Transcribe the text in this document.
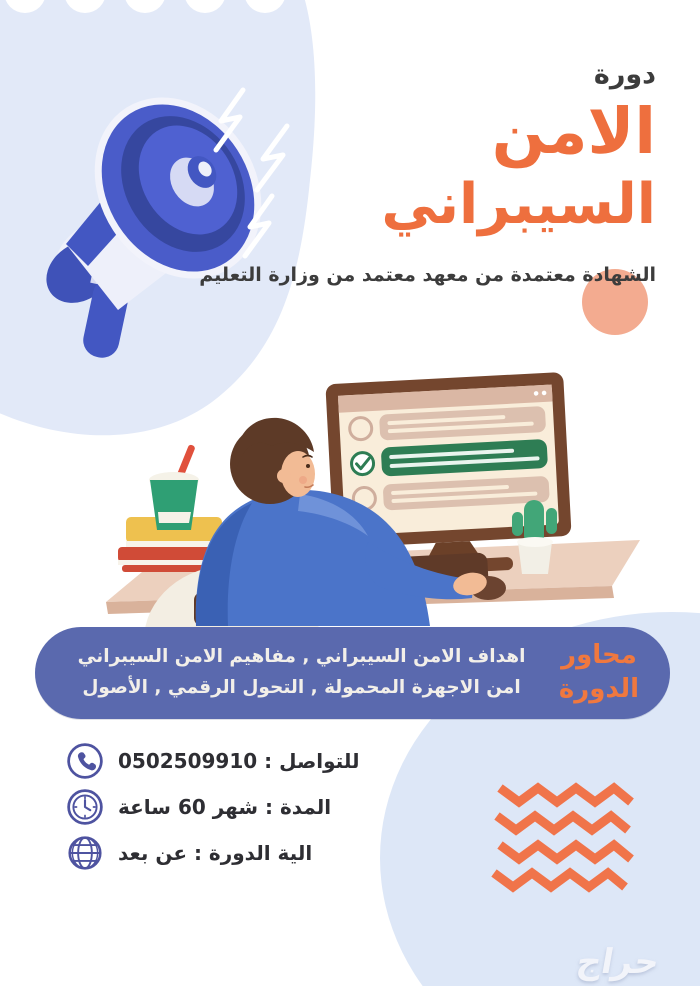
دورة
الامن
السيبراني
الشهادة معتمدة من معهد معتمد من وزارة التعليم
محاور
الدورة
اهداف الامن السيبراني , مفاهيم الامن السيبراني
امن الاجهزة المحمولة , التحول الرقمي , الأصول
للتواصل : 0502509910
المدة : شهر 60 ساعة
الية الدورة : عن بعد
حراج
